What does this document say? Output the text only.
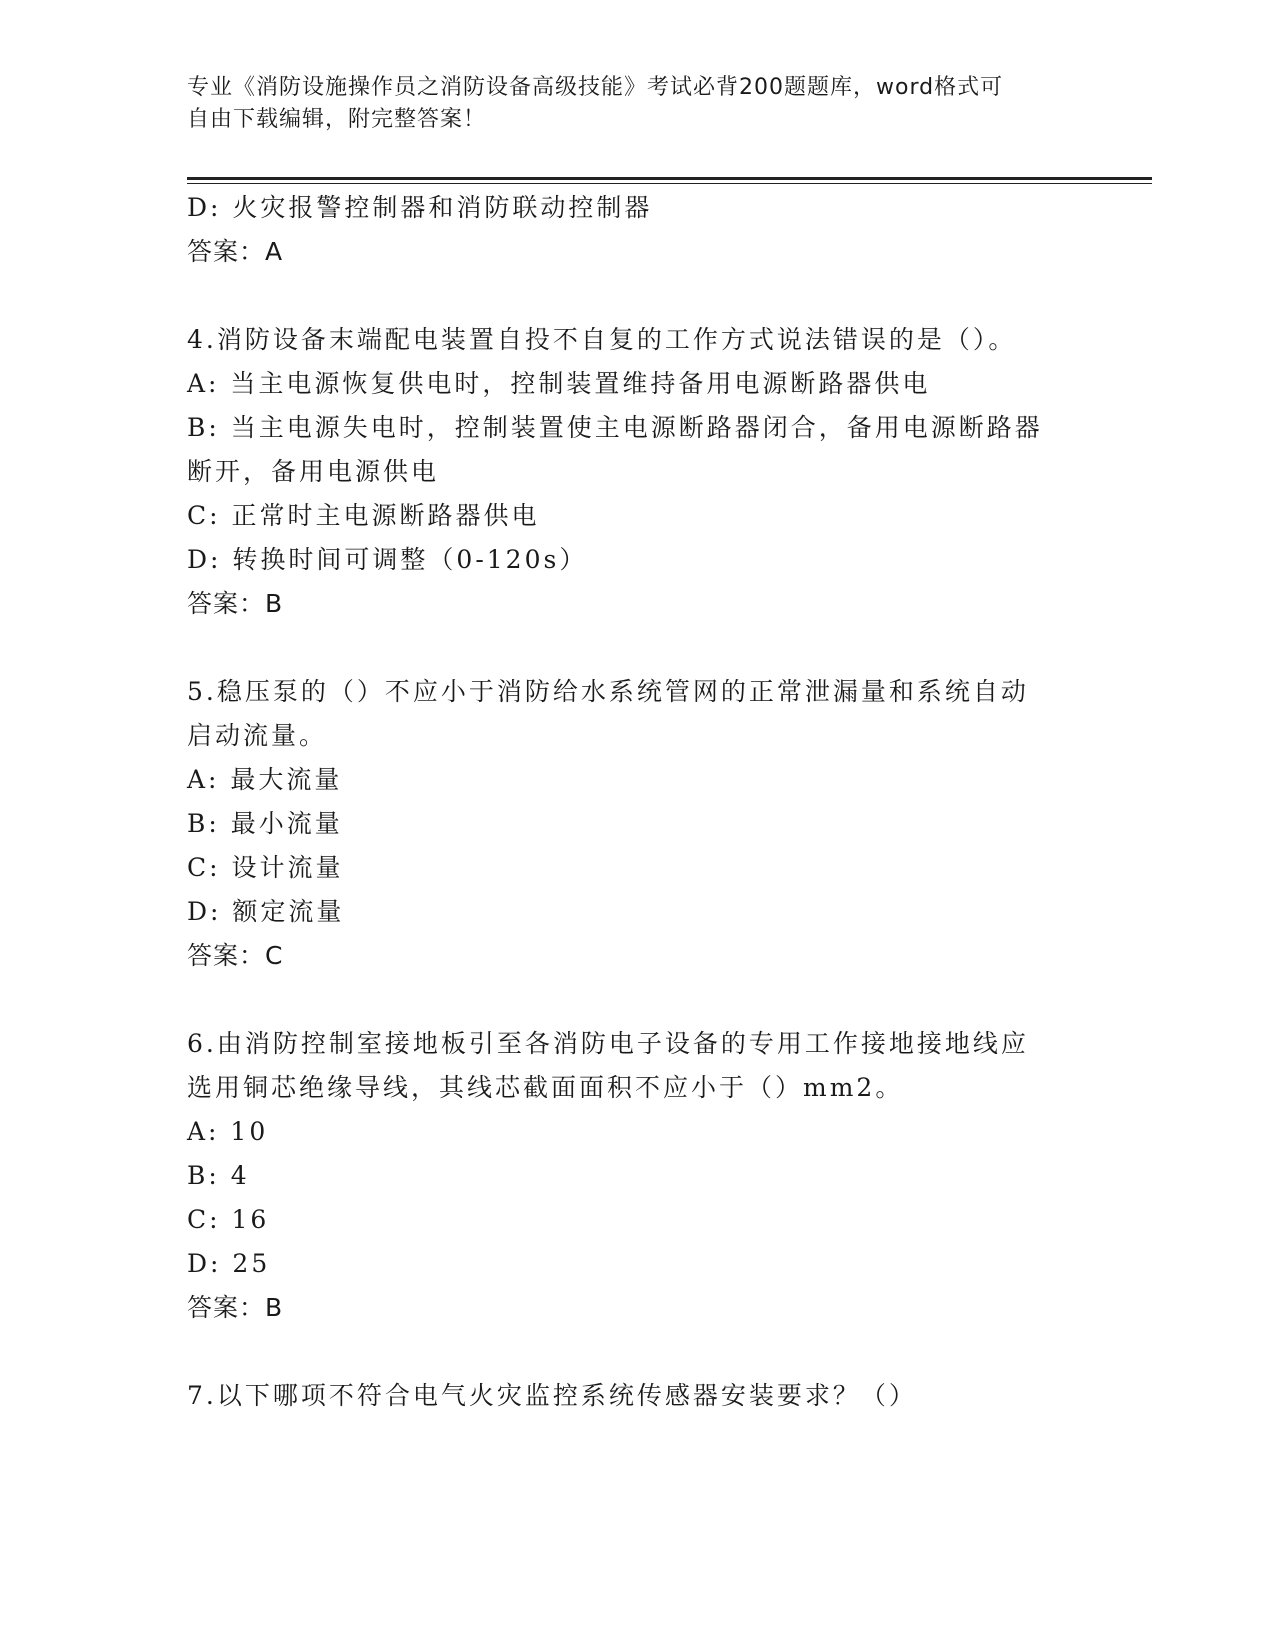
专业《消防设施操作员之消防设备高级技能》考试必背200题题库，word格式可
自由下载编辑，附完整答案！
D: 火灾报警控制器和消防联动控制器
答案：A
4.消防设备末端配电装置自投不自复的工作方式说法错误的是（）。
A: 当主电源恢复供电时，控制装置维持备用电源断路器供电
B: 当主电源失电时，控制装置使主电源断路器闭合，备用电源断路器
断开，备用电源供电
C: 正常时主电源断路器供电
D: 转换时间可调整（0-120s）
答案：B
5.稳压泵的（）不应小于消防给水系统管网的正常泄漏量和系统自动
启动流量。
A: 最大流量
B: 最小流量
C: 设计流量
D: 额定流量
答案：C
6.由消防控制室接地板引至各消防电子设备的专用工作接地接地线应
选用铜芯绝缘导线，其线芯截面面积不应小于（）mm2。
A: 10
B: 4
C: 16
D: 25
答案：B
7.以下哪项不符合电气火灾监控系统传感器安装要求？（）
